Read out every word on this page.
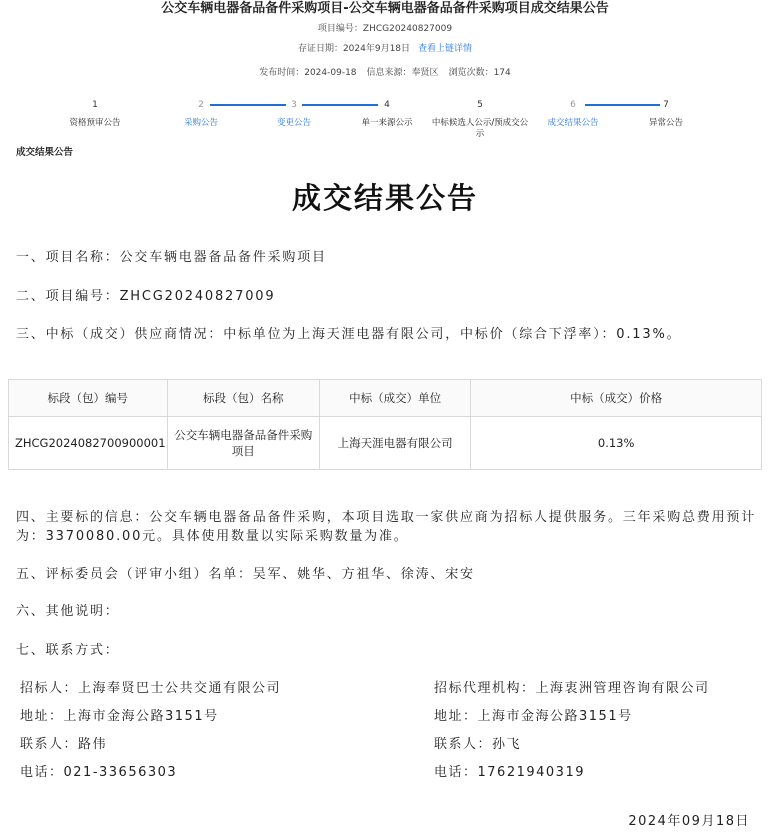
公交车辆电器备品备件采购项目-公交车辆电器备品备件采购项目成交结果公告
项目编号：ZHCG20240827009
存证日期：2024年9月18日 查看上链详情
发布时间：2024-09-18 信息来源：奉贤区 浏览次数：174
1
资格预审公告
2
采购公告
3
变更公告
4
单一来源公示
5
中标候选人公示/预成交公示
6
成交结果公告
7
异常公告
成交结果公告
成交结果公告
一、项目名称：公交车辆电器备品备件采购项目
二、项目编号：ZHCG20240827009
三、中标（成交）供应商情况：中标单位为上海天涯电器有限公司，中标价（综合下浮率）：0.13%。
标段（包）编号	标段（包）名称	中标（成交）单位	中标（成交）价格
ZHCG2024082700900001	公交车辆电器备品备件采购项目	上海天涯电器有限公司	0.13%
四、主要标的信息：公交车辆电器备品备件采购，本项目选取一家供应商为招标人提供服务。三年采购总费用预计为：3370080.00元。具体使用数量以实际采购数量为准。
五、评标委员会（评审小组）名单：吴军、姚华、方祖华、徐涛、宋安
六、其他说明：
七、联系方式：
招标人：上海奉贤巴士公共交通有限公司
地址：上海市金海公路3151号
联系人：路伟
电话：021-33656303
招标代理机构：上海衷洲管理咨询有限公司
地址：上海市金海公路3151号
联系人：孙飞
电话：17621940319
2024年09月18日
